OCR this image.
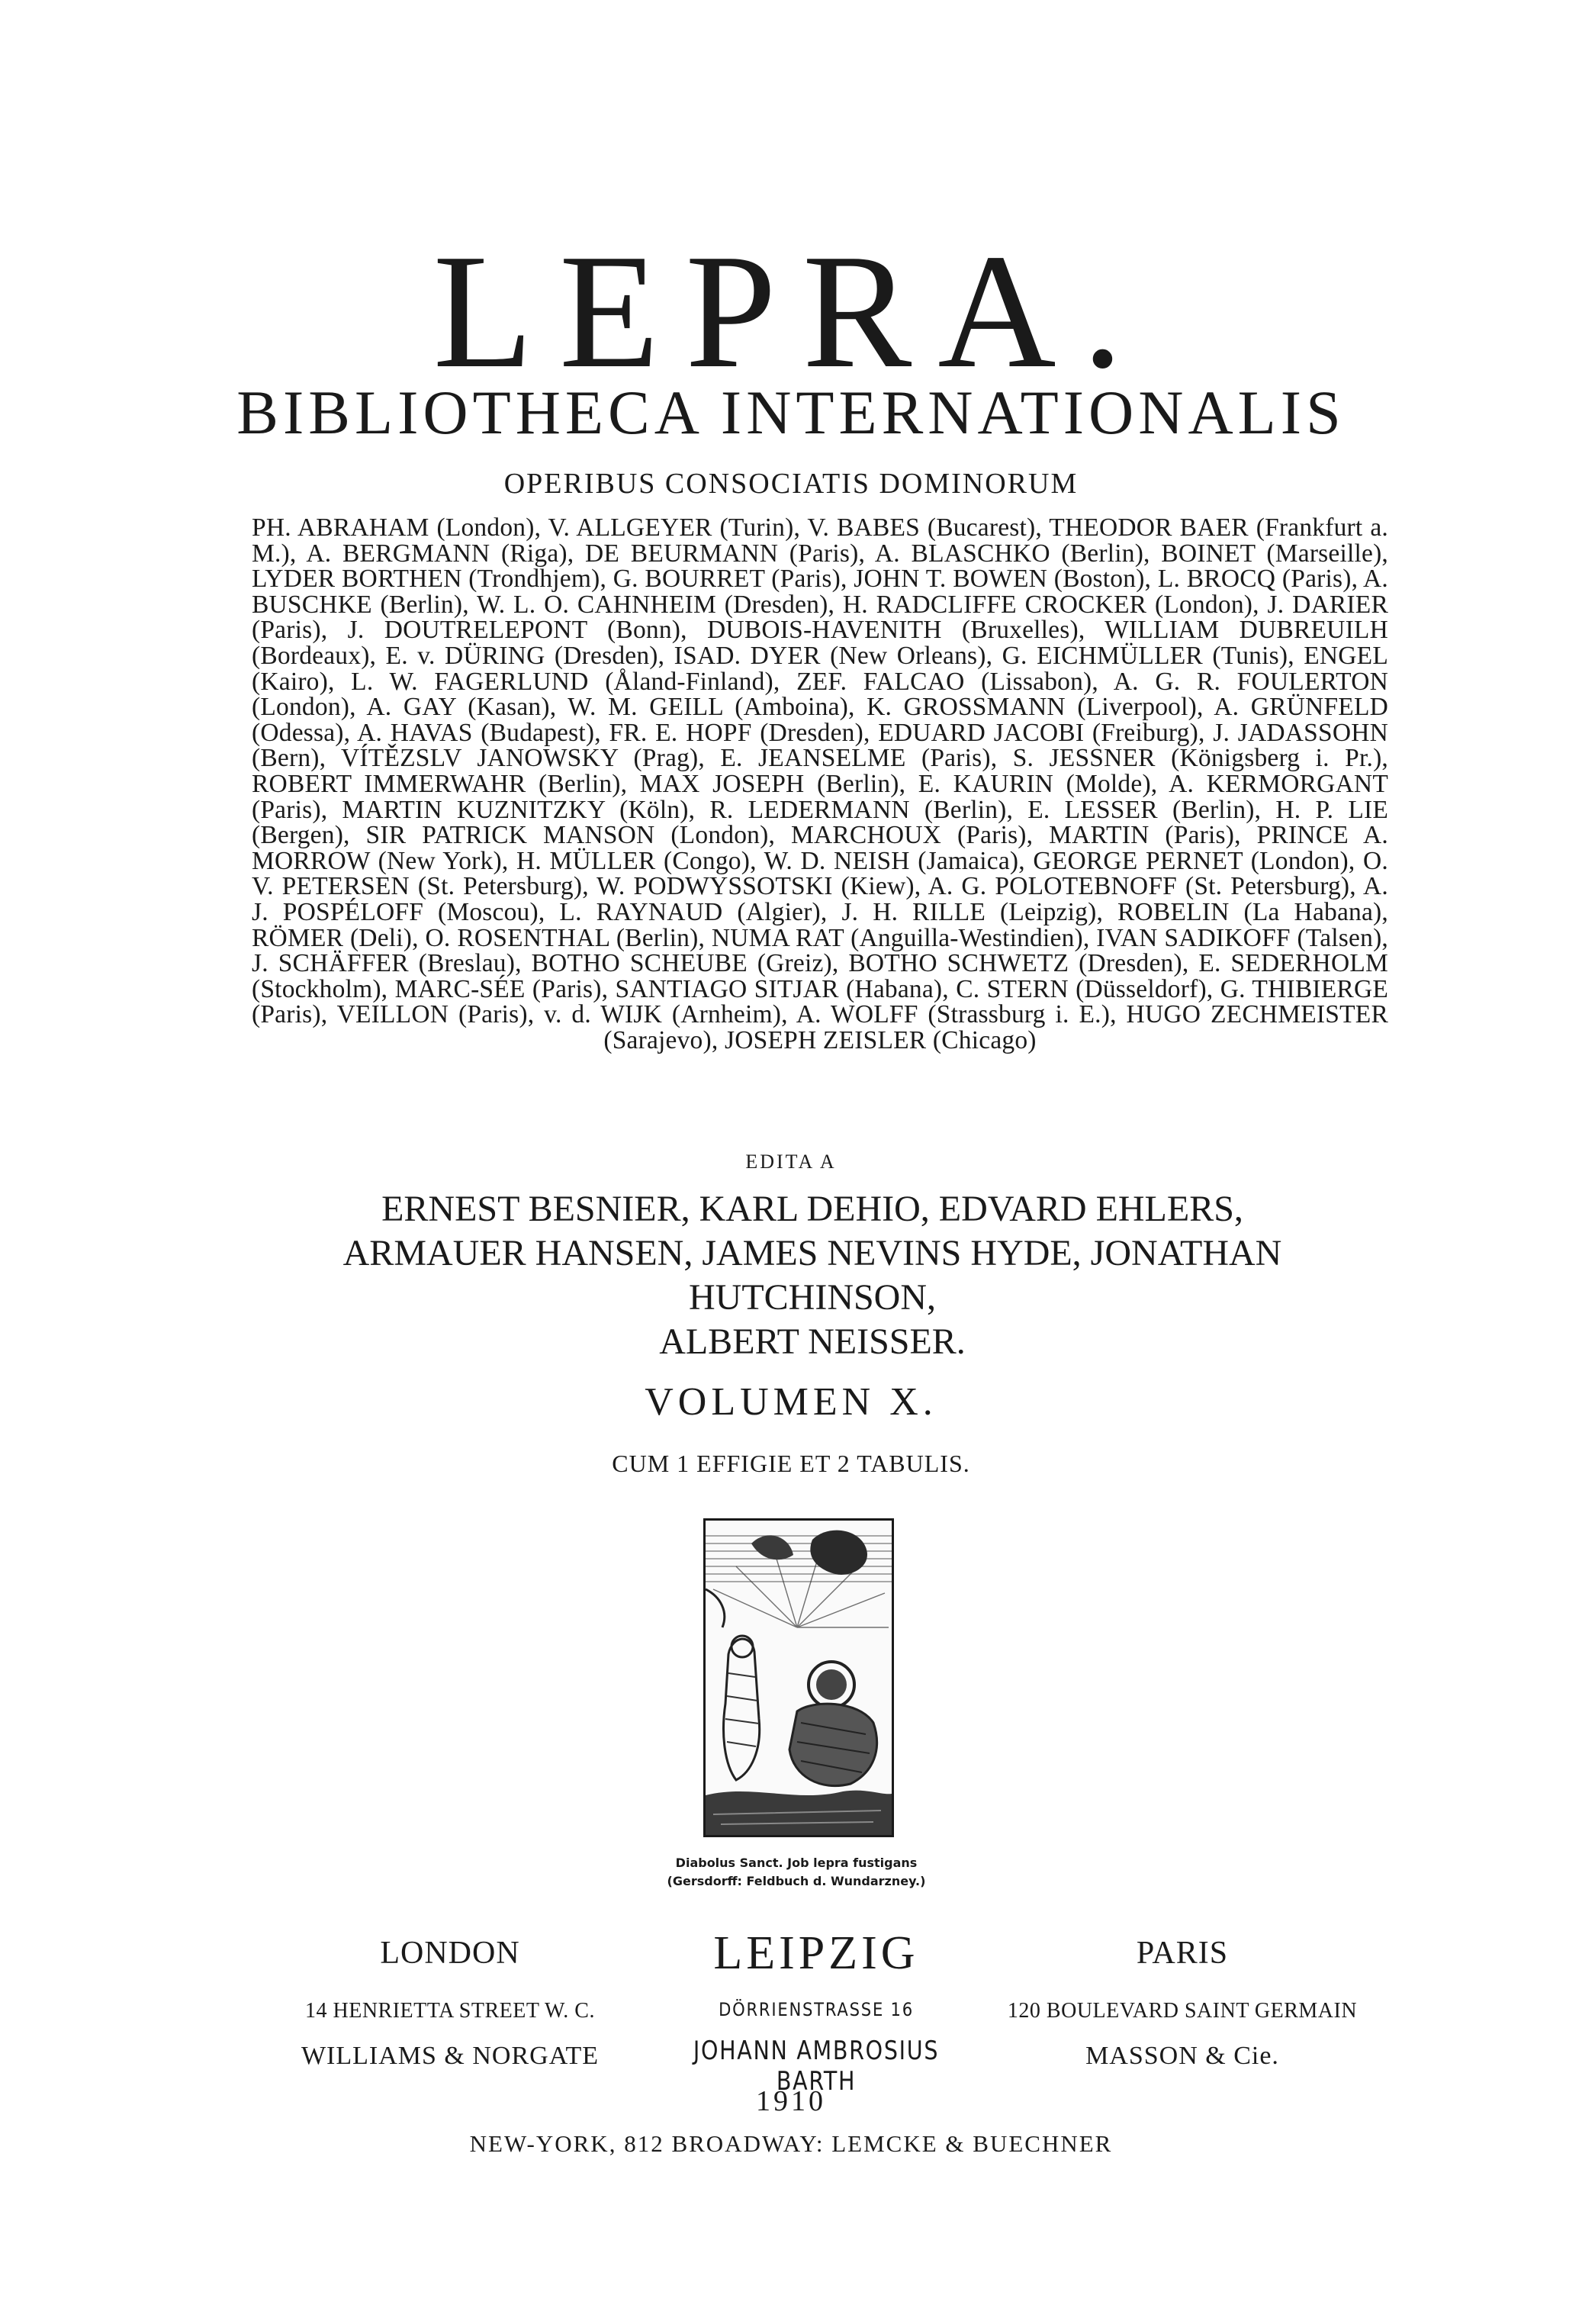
LEPRA.
BIBLIOTHECA INTERNATIONALIS
OPERIBUS CONSOCIATIS DOMINORUM
PH. ABRAHAM (London), V. ALLGEYER (Turin), V. BABES (Bucarest), THEODOR BAER (Frankfurt a. M.), A. BERGMANN (Riga), DE BEURMANN (Paris), A. BLASCHKO (Berlin), BOINET (Marseille), LYDER BORTHEN (Trondhjem), G. BOURRET (Paris), JOHN T. BOWEN (Boston), L. BROCQ (Paris), A. BUSCHKE (Berlin), W. L. O. CAHNHEIM (Dresden), H. RADCLIFFE CROCKER (London), J. DARIER (Paris), J. DOUTRELEPONT (Bonn), DUBOIS-HAVENITH (Bruxelles), WILLIAM DUBREUILH (Bordeaux), E. v. DÜRING (Dresden), ISAD. DYER (New Orleans), G. EICHMÜLLER (Tunis), ENGEL (Kairo), L. W. FAGERLUND (Åland-Finland), ZEF. FALCAO (Lissabon), A. G. R. FOULERTON (London), A. GAY (Kasan), W. M. GEILL (Amboina), K. GROSSMANN (Liverpool), A. GRÜNFELD (Odessa), A. HAVAS (Budapest), FR. E. HOPF (Dresden), EDUARD JACOBI (Freiburg), J. JADASSOHN (Bern), VÍTĚZSLV JANOWSKY (Prag), E. JEANSELME (Paris), S. JESSNER (Königsberg i. Pr.), ROBERT IMMERWAHR (Berlin), MAX JOSEPH (Berlin), E. KAURIN (Molde), A. KERMORGANT (Paris), MARTIN KUZNITZKY (Köln), R. LEDERMANN (Berlin), E. LESSER (Berlin), H. P. LIE (Bergen), SIR PATRICK MANSON (London), MARCHOUX (Paris), MARTIN (Paris), PRINCE A. MORROW (New York), H. MÜLLER (Congo), W. D. NEISH (Jamaica), GEORGE PERNET (London), O. V. PETERSEN (St. Petersburg), W. PODWYSSOTSKI (Kiew), A. G. POLOTEBNOFF (St. Petersburg), A. J. POSPÉLOFF (Moscou), L. RAYNAUD (Algier), J. H. RILLE (Leipzig), ROBELIN (La Habana), RÖMER (Deli), O. ROSENTHAL (Berlin), NUMA RAT (Anguilla-Westindien), IVAN SADIKOFF (Talsen), J. SCHÄFFER (Breslau), BOTHO SCHEUBE (Greiz), BOTHO SCHWETZ (Dresden), E. SEDERHOLM (Stockholm), MARC-SÉE (Paris), SANTIAGO SITJAR (Habana), C. STERN (Düsseldorf), G. THIBIERGE (Paris), VEILLON (Paris), v. d. WIJK (Arnheim), A. WOLFF (Strassburg i. E.), HUGO ZECHMEISTER (Sarajevo), JOSEPH ZEISLER (Chicago)
EDITA A
ERNEST BESNIER, KARL DEHIO, EDVARD EHLERS,
ARMAUER HANSEN, JAMES NEVINS HYDE, JONATHAN HUTCHINSON,
ALBERT NEISSER.
VOLUMEN X.
CUM 1 EFFIGIE ET 2 TABULIS.
Diabolus Sanct. Job lepra fustigans
(Gersdorff: Feldbuch d. Wundarzney.)
LONDON
14 HENRIETTA STREET W. C.
WILLIAMS & NORGATE
LEIPZIG
DÖRRIENSTRASSE 16
JOHANN AMBROSIUS BARTH
PARIS
120 BOULEVARD SAINT GERMAIN
MASSON & Cie.
1910
NEW-YORK, 812 BROADWAY: LEMCKE & BUECHNER
